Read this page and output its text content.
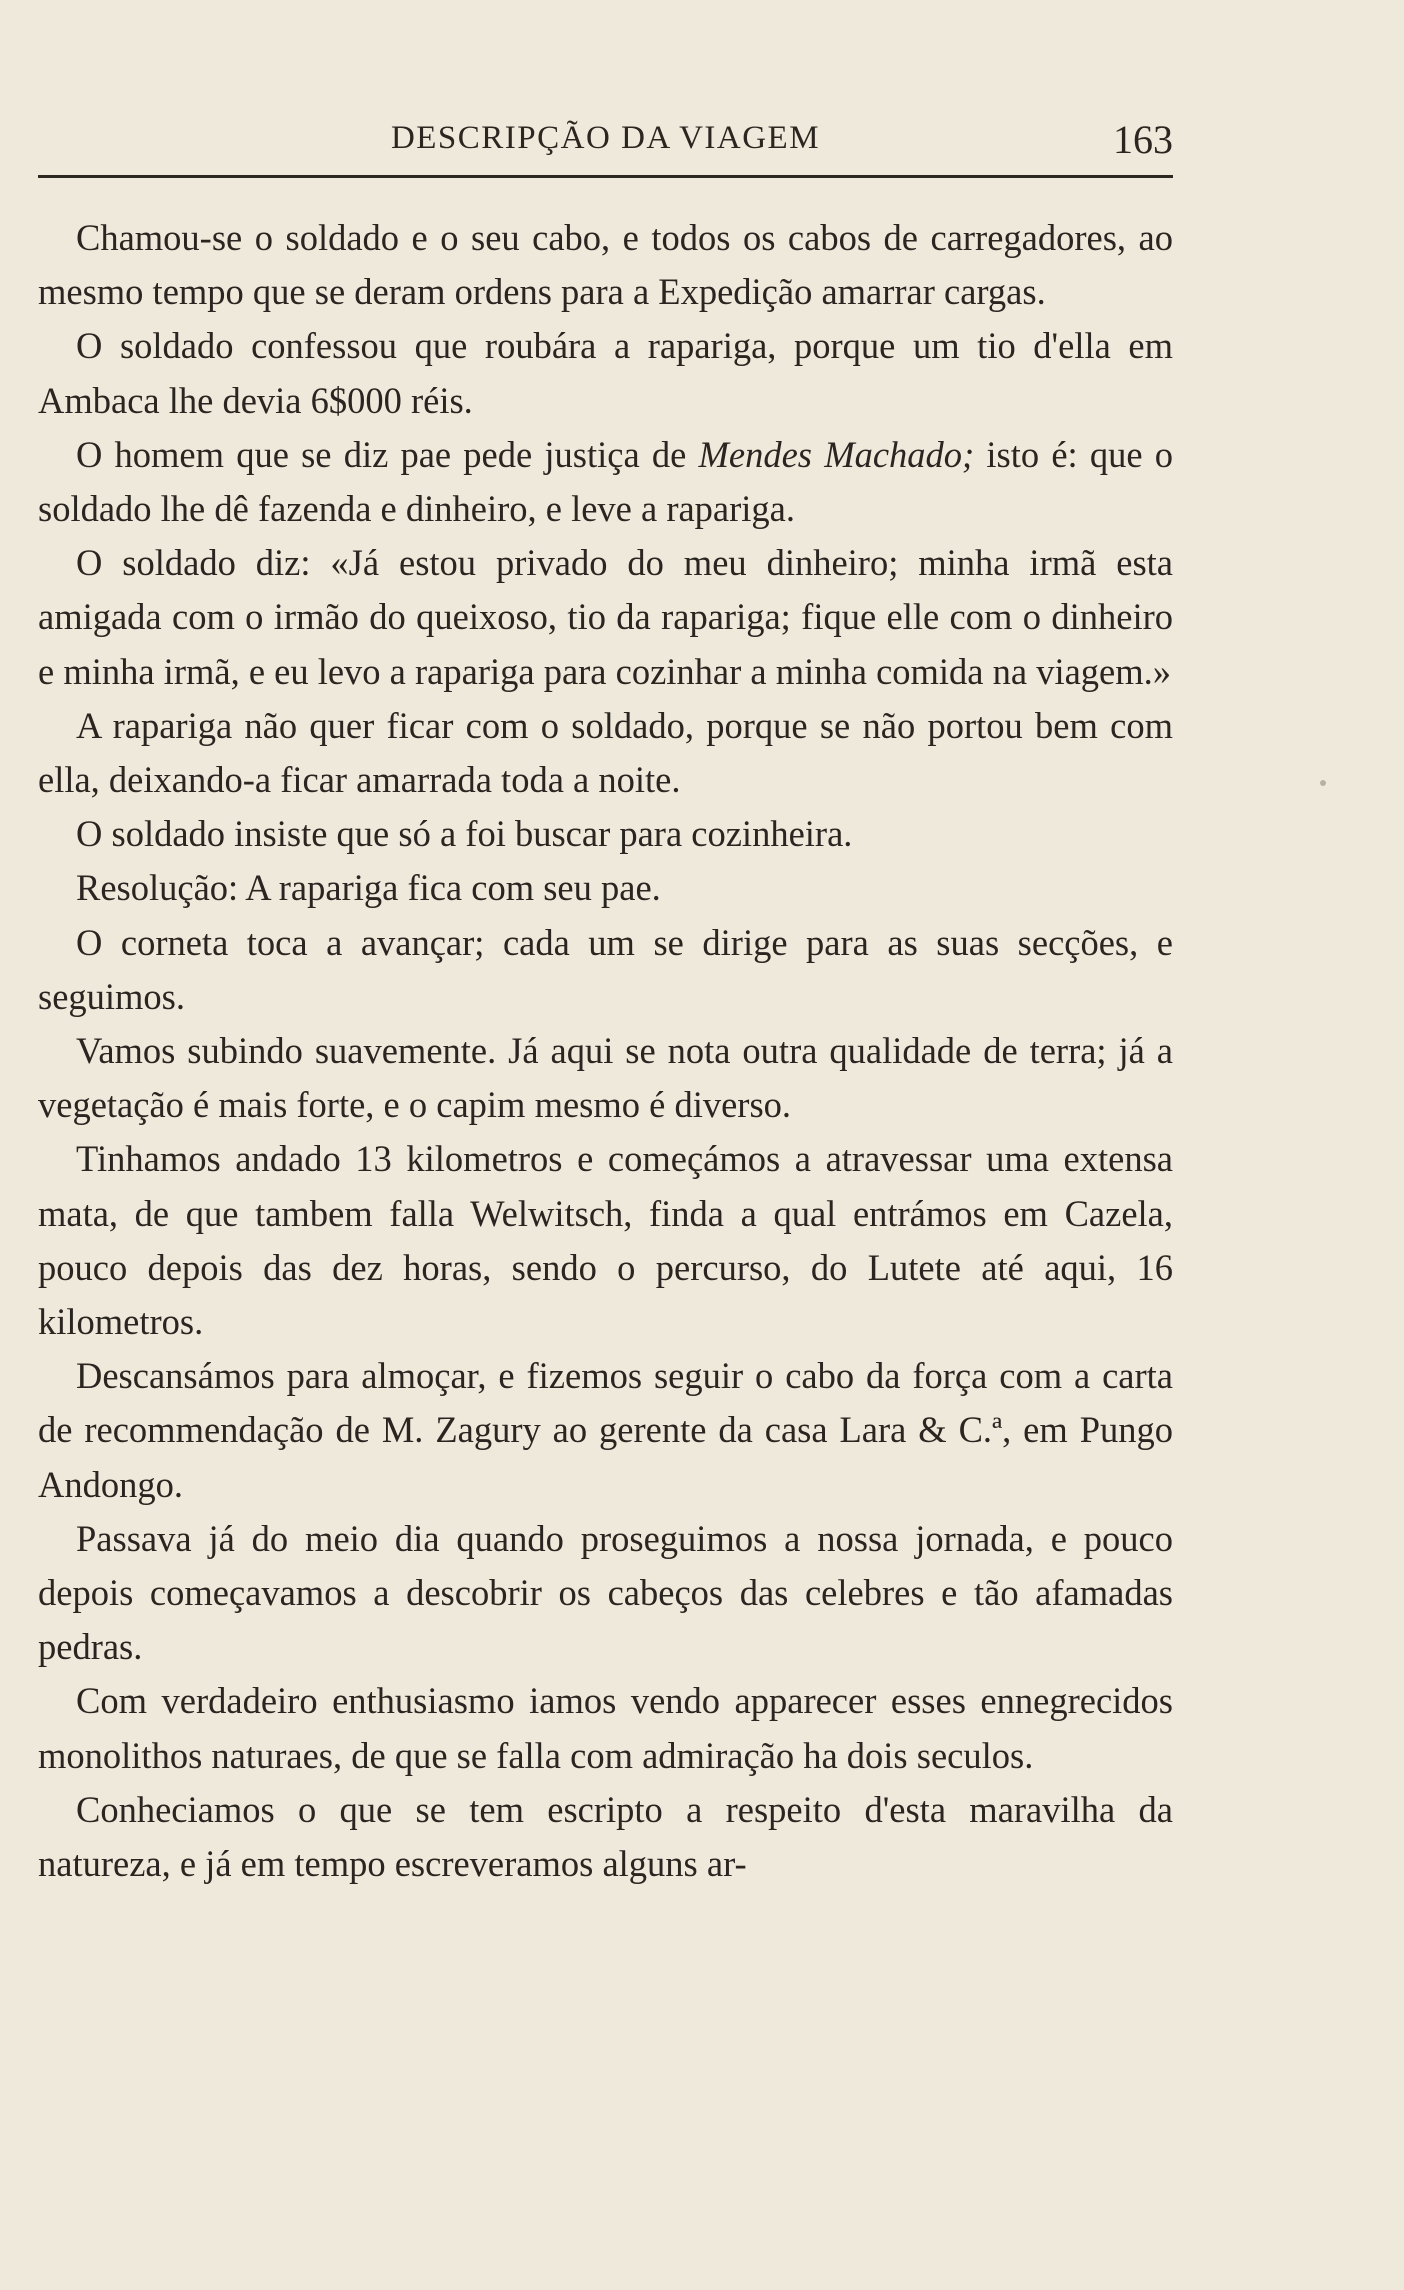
DESCRIPÇÃO DA VIAGEM	163

Chamou-se o soldado e o seu cabo, e todos os cabos de carregadores, ao mesmo tempo que se deram ordens para a Expedição amarrar cargas.

O soldado confessou que roubára a rapariga, porque um tio d'ella em Ambaca lhe devia 6$000 réis.

O homem que se diz pae pede justiça de Mendes Machado; isto é: que o soldado lhe dê fazenda e dinheiro, e leve a rapariga.

O soldado diz: «Já estou privado do meu dinheiro; minha irmã esta amigada com o irmão do queixoso, tio da rapariga; fique elle com o dinheiro e minha irmã, e eu levo a rapariga para cozinhar a minha comida na viagem.»

A rapariga não quer ficar com o soldado, porque se não portou bem com ella, deixando-a ficar amarrada toda a noite.

O soldado insiste que só a foi buscar para cozinheira.

Resolução: A rapariga fica com seu pae.

O corneta toca a avançar; cada um se dirige para as suas secções, e seguimos.

Vamos subindo suavemente. Já aqui se nota outra qualidade de terra; já a vegetação é mais forte, e o capim mesmo é diverso.

Tinhamos andado 13 kilometros e começámos a atravessar uma extensa mata, de que tambem falla Welwitsch, finda a qual entrámos em Cazela, pouco depois das dez horas, sendo o percurso, do Lutete até aqui, 16 kilometros.

Descansámos para almoçar, e fizemos seguir o cabo da força com a carta de recommendação de M. Zagury ao gerente da casa Lara & C.ª, em Pungo Andongo.

Passava já do meio dia quando proseguimos a nossa jornada, e pouco depois começavamos a descobrir os cabeços das celebres e tão afamadas pedras.

Com verdadeiro enthusiasmo iamos vendo apparecer esses ennegrecidos monolithos naturaes, de que se falla com admiração ha dois seculos.

Conheciamos o que se tem escripto a respeito d'esta maravilha da natureza, e já em tempo escreveramos alguns ar-
